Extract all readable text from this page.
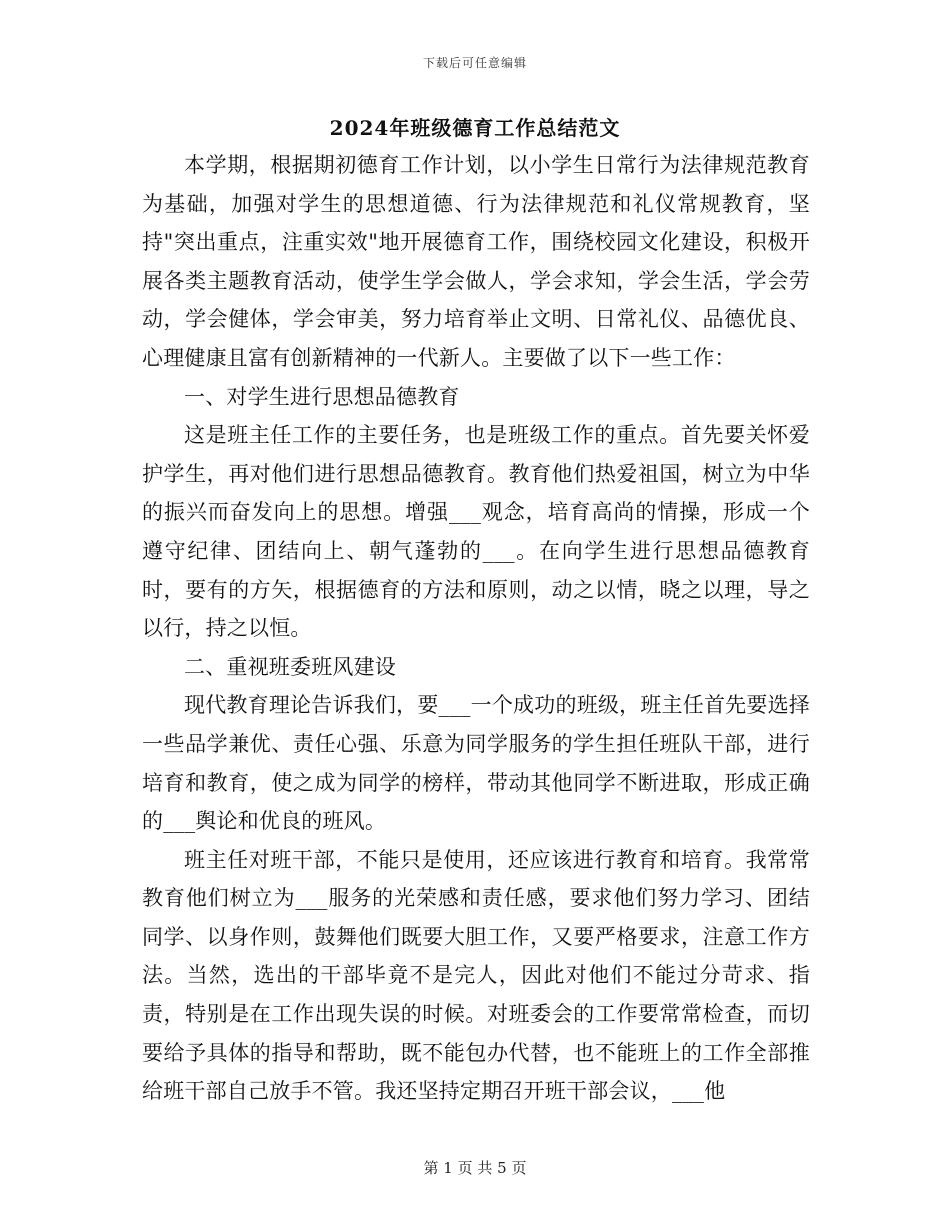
下载后可任意编辑
2024年班级德育工作总结范文

本学期，根据期初德育工作计划，以小学生日常行为法律规范教育为基础，加强对学生的思想道德、行为法律规范和礼仪常规教育，坚持"突出重点，注重实效"地开展德育工作，围绕校园文化建设，积极开展各类主题教育活动，使学生学会做人，学会求知，学会生活，学会劳动，学会健体，学会审美，努力培育举止文明、日常礼仪、品德优良、心理健康且富有创新精神的一代新人。主要做了以下一些工作：

一、对学生进行思想品德教育

这是班主任工作的主要任务，也是班级工作的重点。首先要关怀爱护学生，再对他们进行思想品德教育。教育他们热爱祖国，树立为中华的振兴而奋发向上的思想。增强___观念，培育高尚的情操，形成一个遵守纪律、团结向上、朝气蓬勃的___。在向学生进行思想品德教育时，要有的方矢，根据德育的方法和原则，动之以情，晓之以理，导之以行，持之以恒。

二、重视班委班风建设

现代教育理论告诉我们，要___一个成功的班级，班主任首先要选择一些品学兼优、责任心强、乐意为同学服务的学生担任班队干部，进行培育和教育，使之成为同学的榜样，带动其他同学不断进取，形成正确的___舆论和优良的班风。

班主任对班干部，不能只是使用，还应该进行教育和培育。我常常教育他们树立为___服务的光荣感和责任感，要求他们努力学习、团结同学、以身作则，鼓舞他们既要大胆工作，又要严格要求，注意工作方法。当然，选出的干部毕竟不是完人，因此对他们不能过分苛求、指责，特别是在工作出现失误的时候。对班委会的工作要常常检查，而切要给予具体的指导和帮助，既不能包办代替，也不能班上的工作全部推给班干部自己放手不管。我还坚持定期召开班干部会议，___他

第 1 页 共 5 页
